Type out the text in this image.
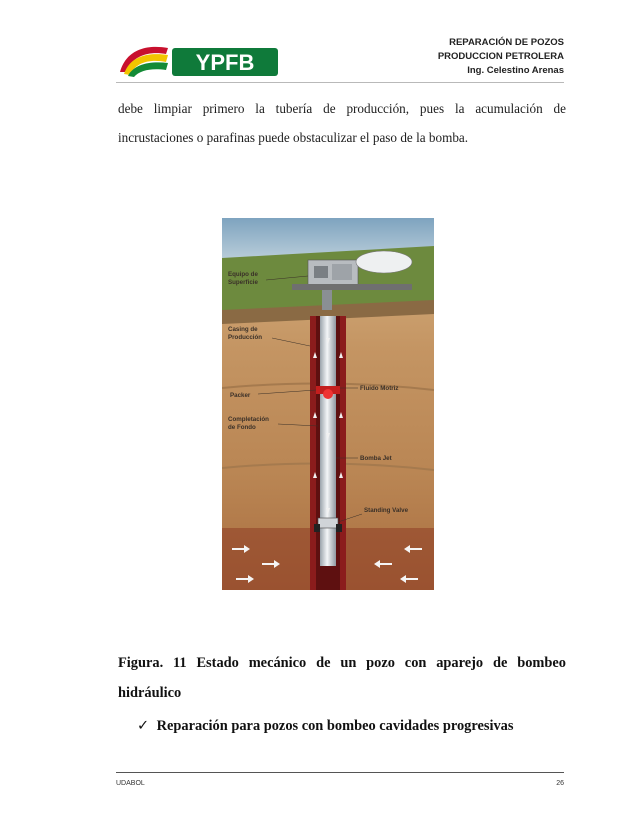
YPFB
REPARACIÓN DE POZOS
PRODUCCION PETROLERA
Ing. Celestino Arenas
debe limpiar primero la tubería de producción, pues la acumulación de incrustaciones o parafinas puede obstaculizar el paso de la bomba.
Equipo de
Superficie
Casing de
Producción
Packer
Completación
de Fondo
Fluido Motriz
Bomba Jet
Standing Valve
Figura. 11 Estado mecánico de un pozo con aparejo de bombeo hidráulico
✓ Reparación para pozos con bombeo cavidades progresivas
UDABOL	26
